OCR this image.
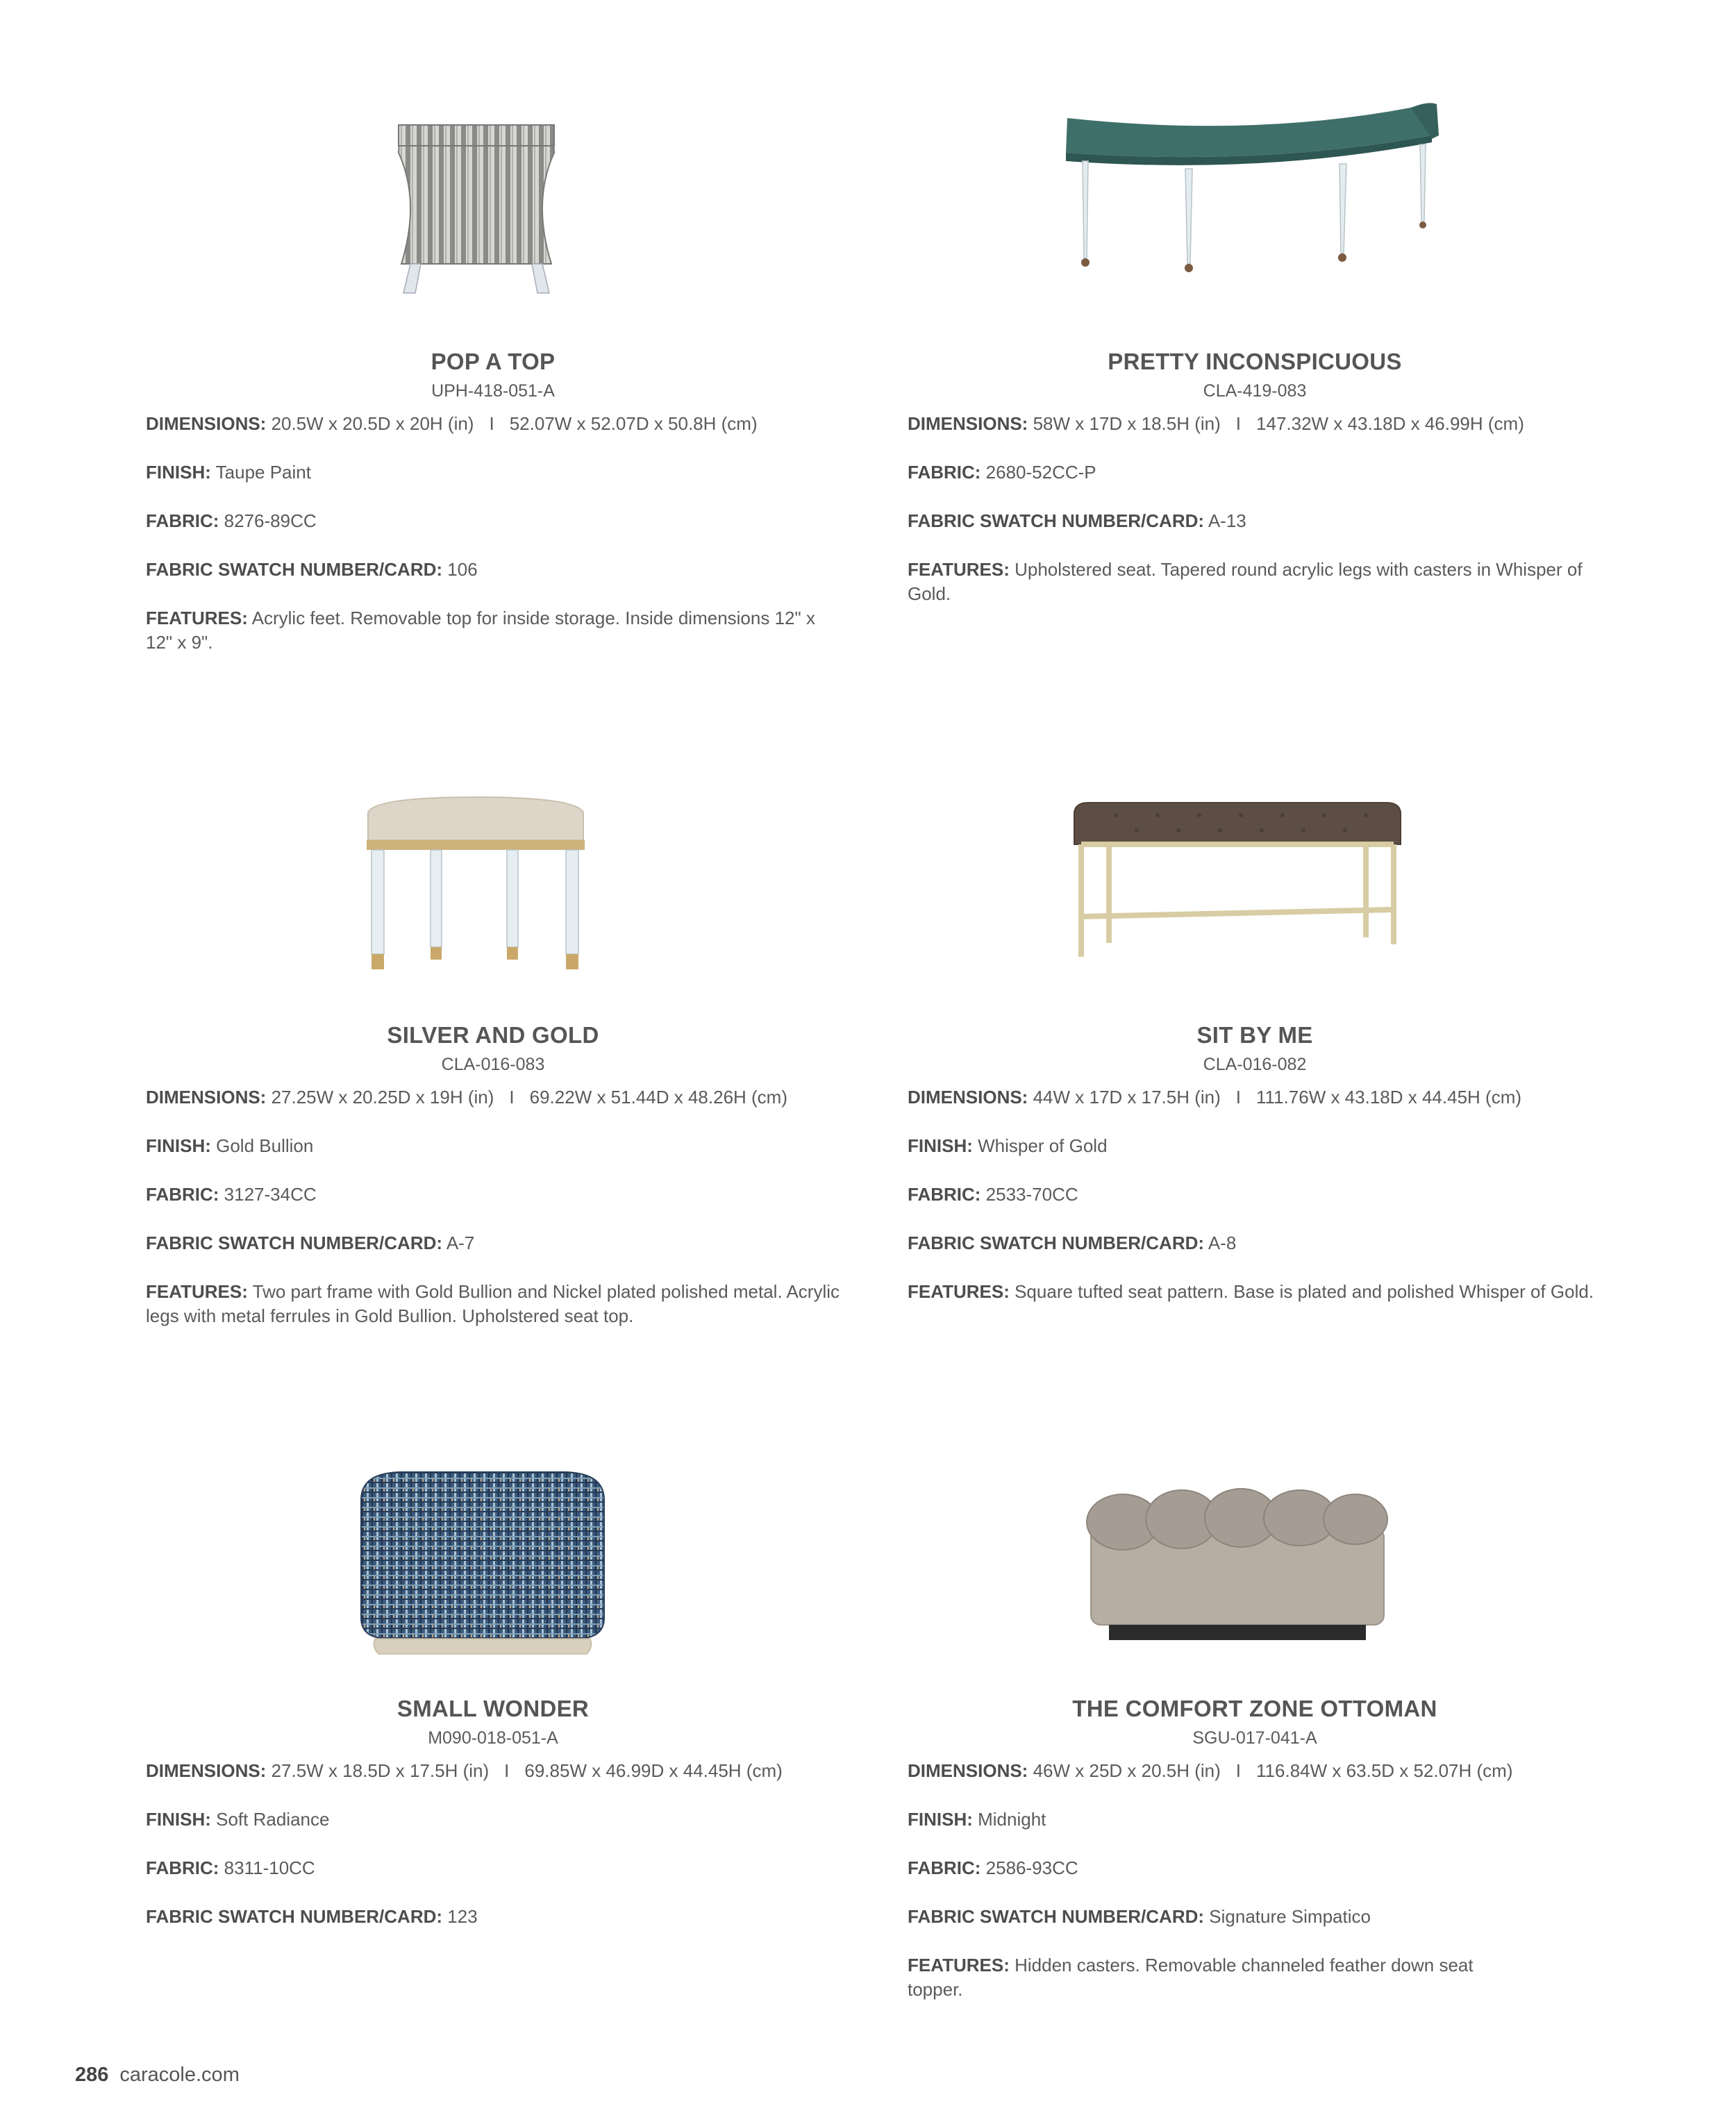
POP A TOP
UPH-418-051-A
DIMENSIONS: 20.5W x 20.5D x 20H (in) I 52.07W x 52.07D x 50.8H (cm)
FINISH: Taupe Paint
FABRIC: 8276-89CC
FABRIC SWATCH NUMBER/CARD: 106
FEATURES: Acrylic feet. Removable top for inside storage. Inside dimensions 12" x 12" x 9".
PRETTY INCONSPICUOUS
CLA-419-083
DIMENSIONS: 58W x 17D x 18.5H (in) I 147.32W x 43.18D x 46.99H (cm)
FABRIC: 2680-52CC-P
FABRIC SWATCH NUMBER/CARD: A-13
FEATURES: Upholstered seat. Tapered round acrylic legs with casters in Whisper of Gold.
SILVER AND GOLD
CLA-016-083
DIMENSIONS: 27.25W x 20.25D x 19H (in) I 69.22W x 51.44D x 48.26H (cm)
FINISH: Gold Bullion
FABRIC: 3127-34CC
FABRIC SWATCH NUMBER/CARD: A-7
FEATURES: Two part frame with Gold Bullion and Nickel plated polished metal. Acrylic legs with metal ferrules in Gold Bullion. Upholstered seat top.
SIT BY ME
CLA-016-082
DIMENSIONS: 44W x 17D x 17.5H (in) I 111.76W x 43.18D x 44.45H (cm)
FINISH: Whisper of Gold
FABRIC: 2533-70CC
FABRIC SWATCH NUMBER/CARD: A-8
FEATURES: Square tufted seat pattern. Base is plated and polished Whisper of Gold.
SMALL WONDER
M090-018-051-A
DIMENSIONS: 27.5W x 18.5D x 17.5H (in) I 69.85W x 46.99D x 44.45H (cm)
FINISH: Soft Radiance
FABRIC: 8311-10CC
FABRIC SWATCH NUMBER/CARD: 123
THE COMFORT ZONE OTTOMAN
SGU-017-041-A
DIMENSIONS: 46W x 25D x 20.5H (in) I 116.84W x 63.5D x 52.07H (cm)
FINISH: Midnight
FABRIC: 2586-93CC
FABRIC SWATCH NUMBER/CARD: Signature Simpatico
FEATURES: Hidden casters. Removable channeled feather down seat topper.
286 caracole.com
